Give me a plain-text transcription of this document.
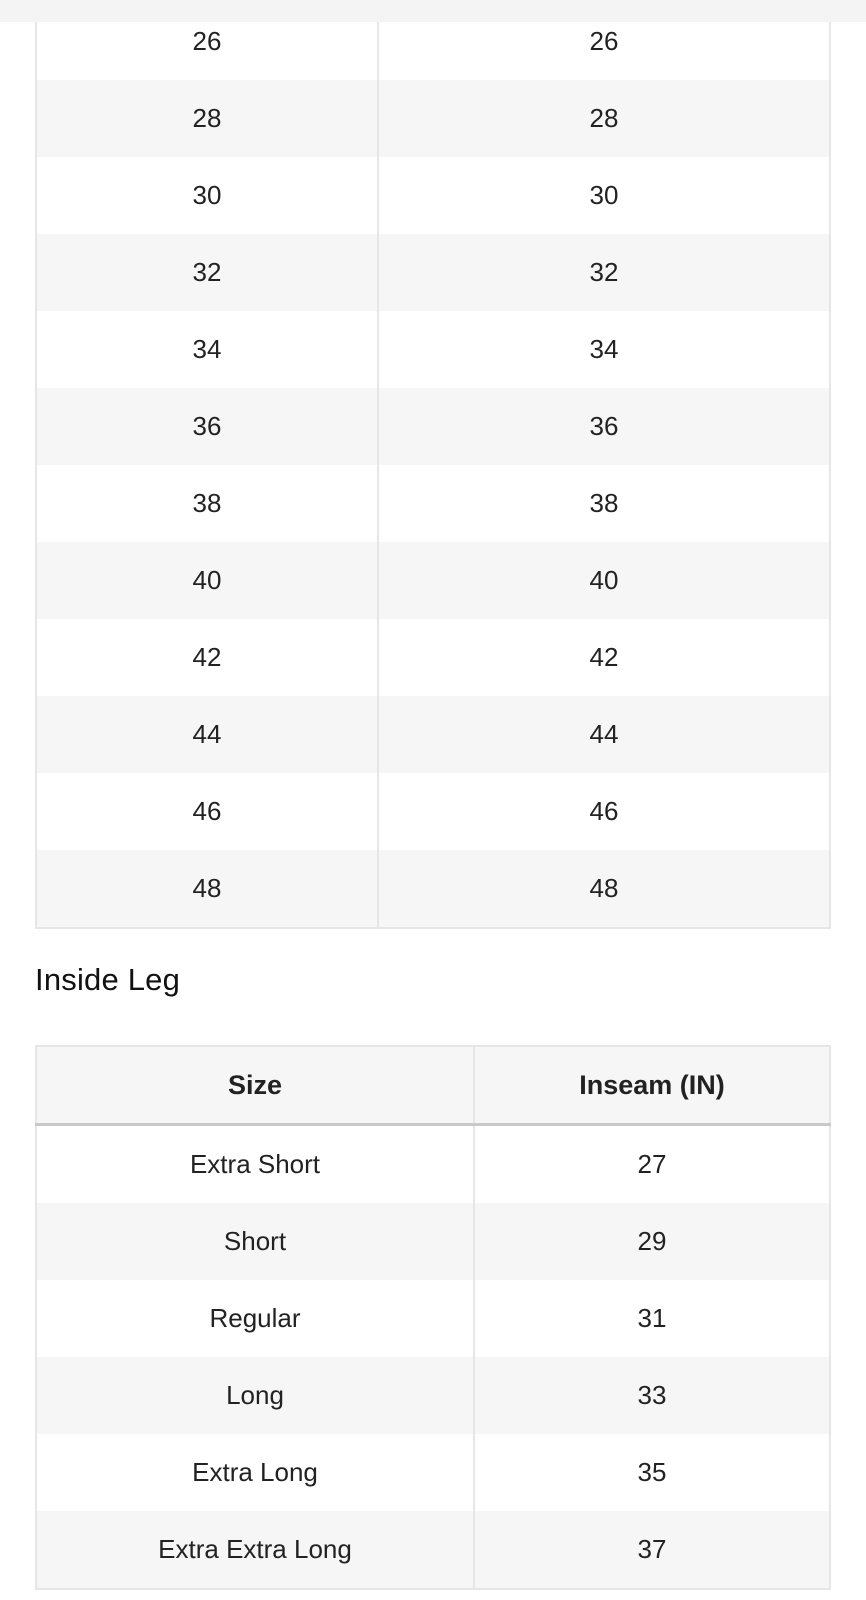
26	26
28	28
30	30
32	32
34	34
36	36
38	38
40	40
42	42
44	44
46	46
48	48
Inside Leg
Size	Inseam (IN)
Extra Short	27
Short	29
Regular	31
Long	33
Extra Long	35
Extra Extra Long	37
